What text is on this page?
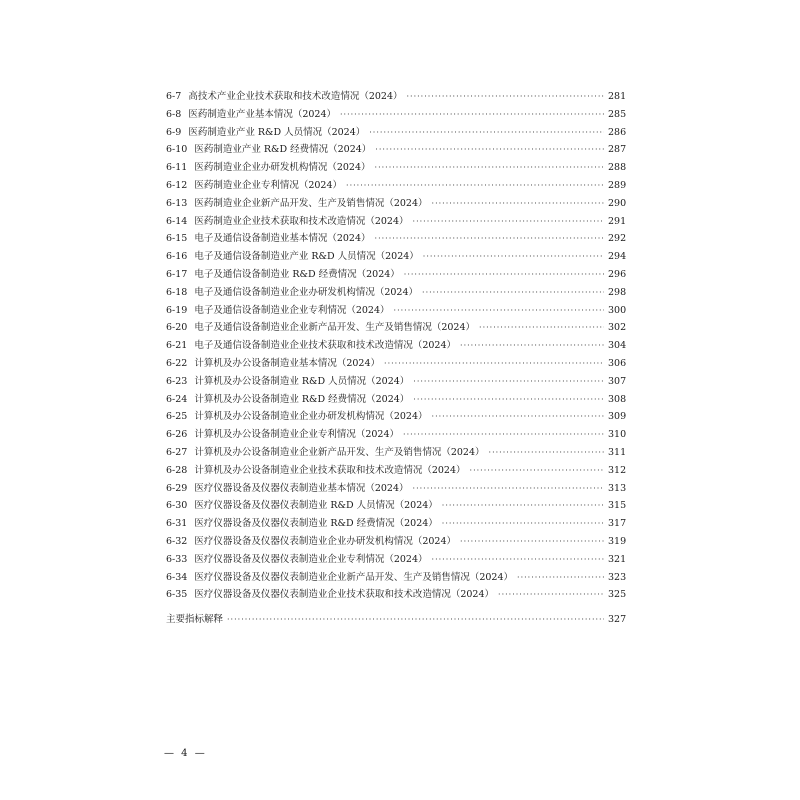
6-7 高技术产业企业技术获取和技术改造情况（2024） ·····	281
6-8 医药制造业产业基本情况（2024） ·····	285
6-9 医药制造业产业 R&D 人员情况（2024） ·····	286
6-10 医药制造业产业 R&D 经费情况（2024） ·····	287
6-11 医药制造业企业办研发机构情况（2024） ·····	288
6-12 医药制造业企业专利情况（2024） ·····	289
6-13 医药制造业企业新产品开发、生产及销售情况（2024） ·····	290
6-14 医药制造业企业技术获取和技术改造情况（2024） ·····	291
6-15 电子及通信设备制造业基本情况（2024） ·····	292
6-16 电子及通信设备制造业产业 R&D 人员情况（2024） ·····	294
6-17 电子及通信设备制造业 R&D 经费情况（2024） ·····	296
6-18 电子及通信设备制造业企业办研发机构情况（2024） ·····	298
6-19 电子及通信设备制造业企业专利情况（2024） ·····	300
6-20 电子及通信设备制造业企业新产品开发、生产及销售情况（2024） ·····	302
6-21 电子及通信设备制造业企业技术获取和技术改造情况（2024） ·····	304
6-22 计算机及办公设备制造业基本情况（2024） ·····	306
6-23 计算机及办公设备制造业 R&D 人员情况（2024） ·····	307
6-24 计算机及办公设备制造业 R&D 经费情况（2024） ·····	308
6-25 计算机及办公设备制造业企业办研发机构情况（2024） ·····	309
6-26 计算机及办公设备制造业企业专利情况（2024） ·····	310
6-27 计算机及办公设备制造业企业新产品开发、生产及销售情况（2024） ·····	311
6-28 计算机及办公设备制造业企业技术获取和技术改造情况（2024） ·····	312
6-29 医疗仪器设备及仪器仪表制造业基本情况（2024） ·····	313
6-30 医疗仪器设备及仪器仪表制造业 R&D 人员情况（2024） ·····	315
6-31 医疗仪器设备及仪器仪表制造业 R&D 经费情况（2024） ·····	317
6-32 医疗仪器设备及仪器仪表制造业企业办研发机构情况（2024） ·····	319
6-33 医疗仪器设备及仪器仪表制造业企业专利情况（2024） ·····	321
6-34 医疗仪器设备及仪器仪表制造业企业新产品开发、生产及销售情况（2024） ·····	323
6-35 医疗仪器设备及仪器仪表制造业企业技术获取和技术改造情况（2024） ·····	325
主要指标解释 ·····	327
— 4 —
